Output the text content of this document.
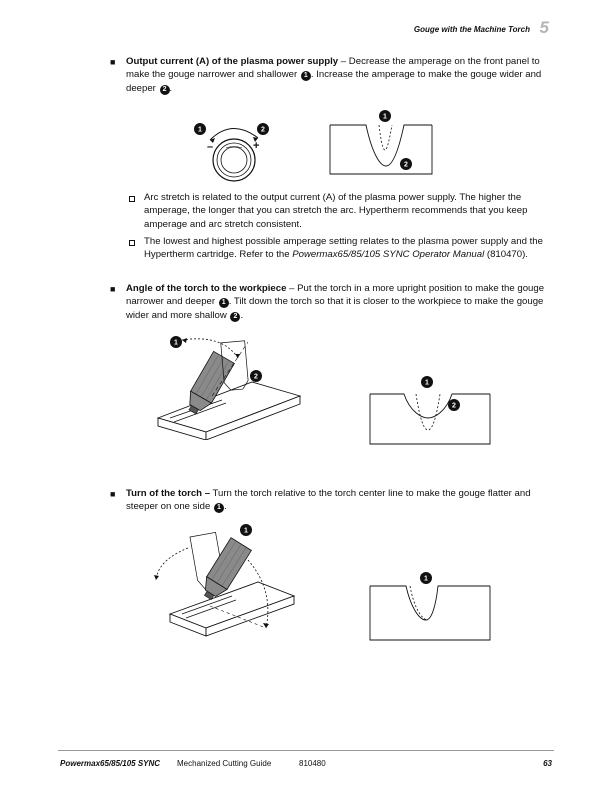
Gouge with the Machine Torch 5
■ Output current (A) of the plasma power supply – Decrease the amperage on the front panel to make the gouge narrower and shallower 1 . Increase the amperage to make the gouge wider and deeper 2 .
1	2
–	+
1
2
Arc stretch is related to the output current (A) of the plasma power supply. The higher the amperage, the longer that you can stretch the arc. Hypertherm recommends that you keep amperage and arc stretch consistent.
The lowest and highest possible amperage setting relates to the plasma power supply and the Hypertherm cartridge. Refer to the Powermax65/85/105 SYNC Operator Manual (810470).
■ Angle of the torch to the workpiece – Put the torch in a more upright position to make the gouge narrower and deeper 1 . Tilt down the torch so that it is closer to the workpiece to make the gouge wider and more shallow 2 .
1
2
1
2
■ Turn of the torch – Turn the torch relative to the torch center line to make the gouge flatter and steeper on one side 1 .
1
1
Powermax65/85/105 SYNC Mechanized Cutting Guide	810480	63
